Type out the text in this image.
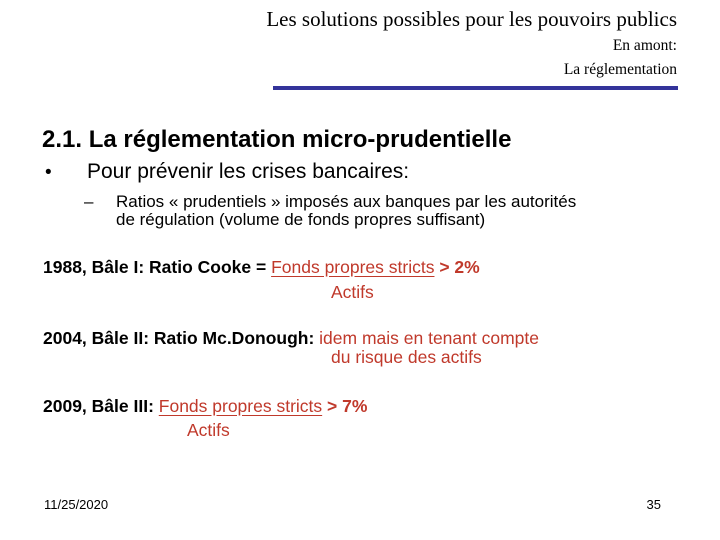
Les solutions possibles pour les pouvoirs publics
En amont:
La réglementation
2.1. La réglementation micro-prudentielle
• Pour prévenir les crises bancaires:
– Ratios « prudentiels » imposés aux banques par les autorités
de régulation (volume de fonds propres suffisant)
1988, Bâle I: Ratio Cooke = Fonds propres stricts > 2%
Actifs
2004, Bâle II: Ratio Mc.Donough: idem mais en tenant compte
du risque des actifs
2009, Bâle III: Fonds propres stricts > 7%
Actifs
11/25/2020	35
